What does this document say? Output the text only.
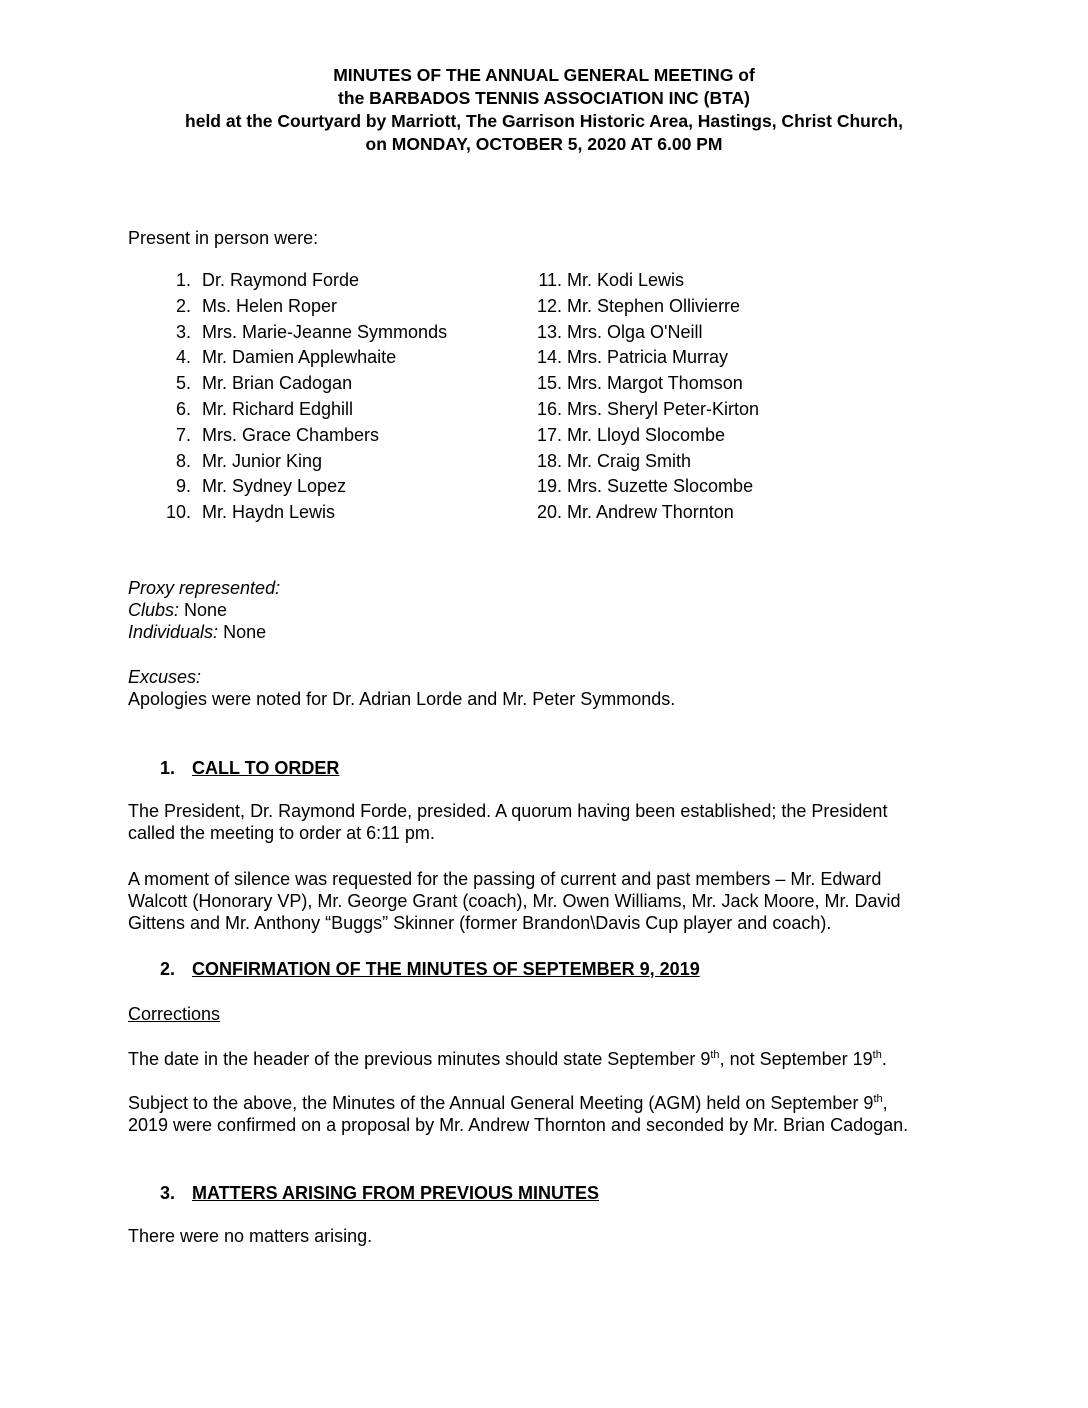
MINUTES OF THE ANNUAL GENERAL MEETING of
the BARBADOS TENNIS ASSOCIATION INC (BTA)
held at the Courtyard by Marriott, The Garrison Historic Area, Hastings, Christ Church,
on MONDAY, OCTOBER 5, 2020 AT 6.00 PM
Present in person were:
1. Dr. Raymond Forde
2. Ms. Helen Roper
3. Mrs. Marie-Jeanne Symmonds
4. Mr. Damien Applewhaite
5. Mr. Brian Cadogan
6. Mr. Richard Edghill
7. Mrs. Grace Chambers
8. Mr. Junior King
9. Mr. Sydney Lopez
10. Mr. Haydn Lewis
11. Mr. Kodi Lewis
12. Mr. Stephen Ollivierre
13. Mrs. Olga O'Neill
14. Mrs. Patricia Murray
15. Mrs. Margot Thomson
16. Mrs. Sheryl Peter-Kirton
17. Mr. Lloyd Slocombe
18. Mr. Craig Smith
19. Mrs. Suzette Slocombe
20. Mr. Andrew Thornton
Proxy represented:
Clubs: None
Individuals: None
Excuses:
Apologies were noted for Dr. Adrian Lorde and Mr. Peter Symmonds.
1. CALL TO ORDER
The President, Dr. Raymond Forde, presided. A quorum having been established; the President
called the meeting to order at 6:11 pm.
A moment of silence was requested for the passing of current and past members – Mr. Edward
Walcott (Honorary VP), Mr. George Grant (coach), Mr. Owen Williams, Mr. Jack Moore, Mr. David
Gittens and Mr. Anthony “Buggs” Skinner (former Brandon\Davis Cup player and coach).
2. CONFIRMATION OF THE MINUTES OF SEPTEMBER 9, 2019
Corrections
The date in the header of the previous minutes should state September 9th, not September 19th.
Subject to the above, the Minutes of the Annual General Meeting (AGM) held on September 9th,
2019 were confirmed on a proposal by Mr. Andrew Thornton and seconded by Mr. Brian Cadogan.
3. MATTERS ARISING FROM PREVIOUS MINUTES
There were no matters arising.
